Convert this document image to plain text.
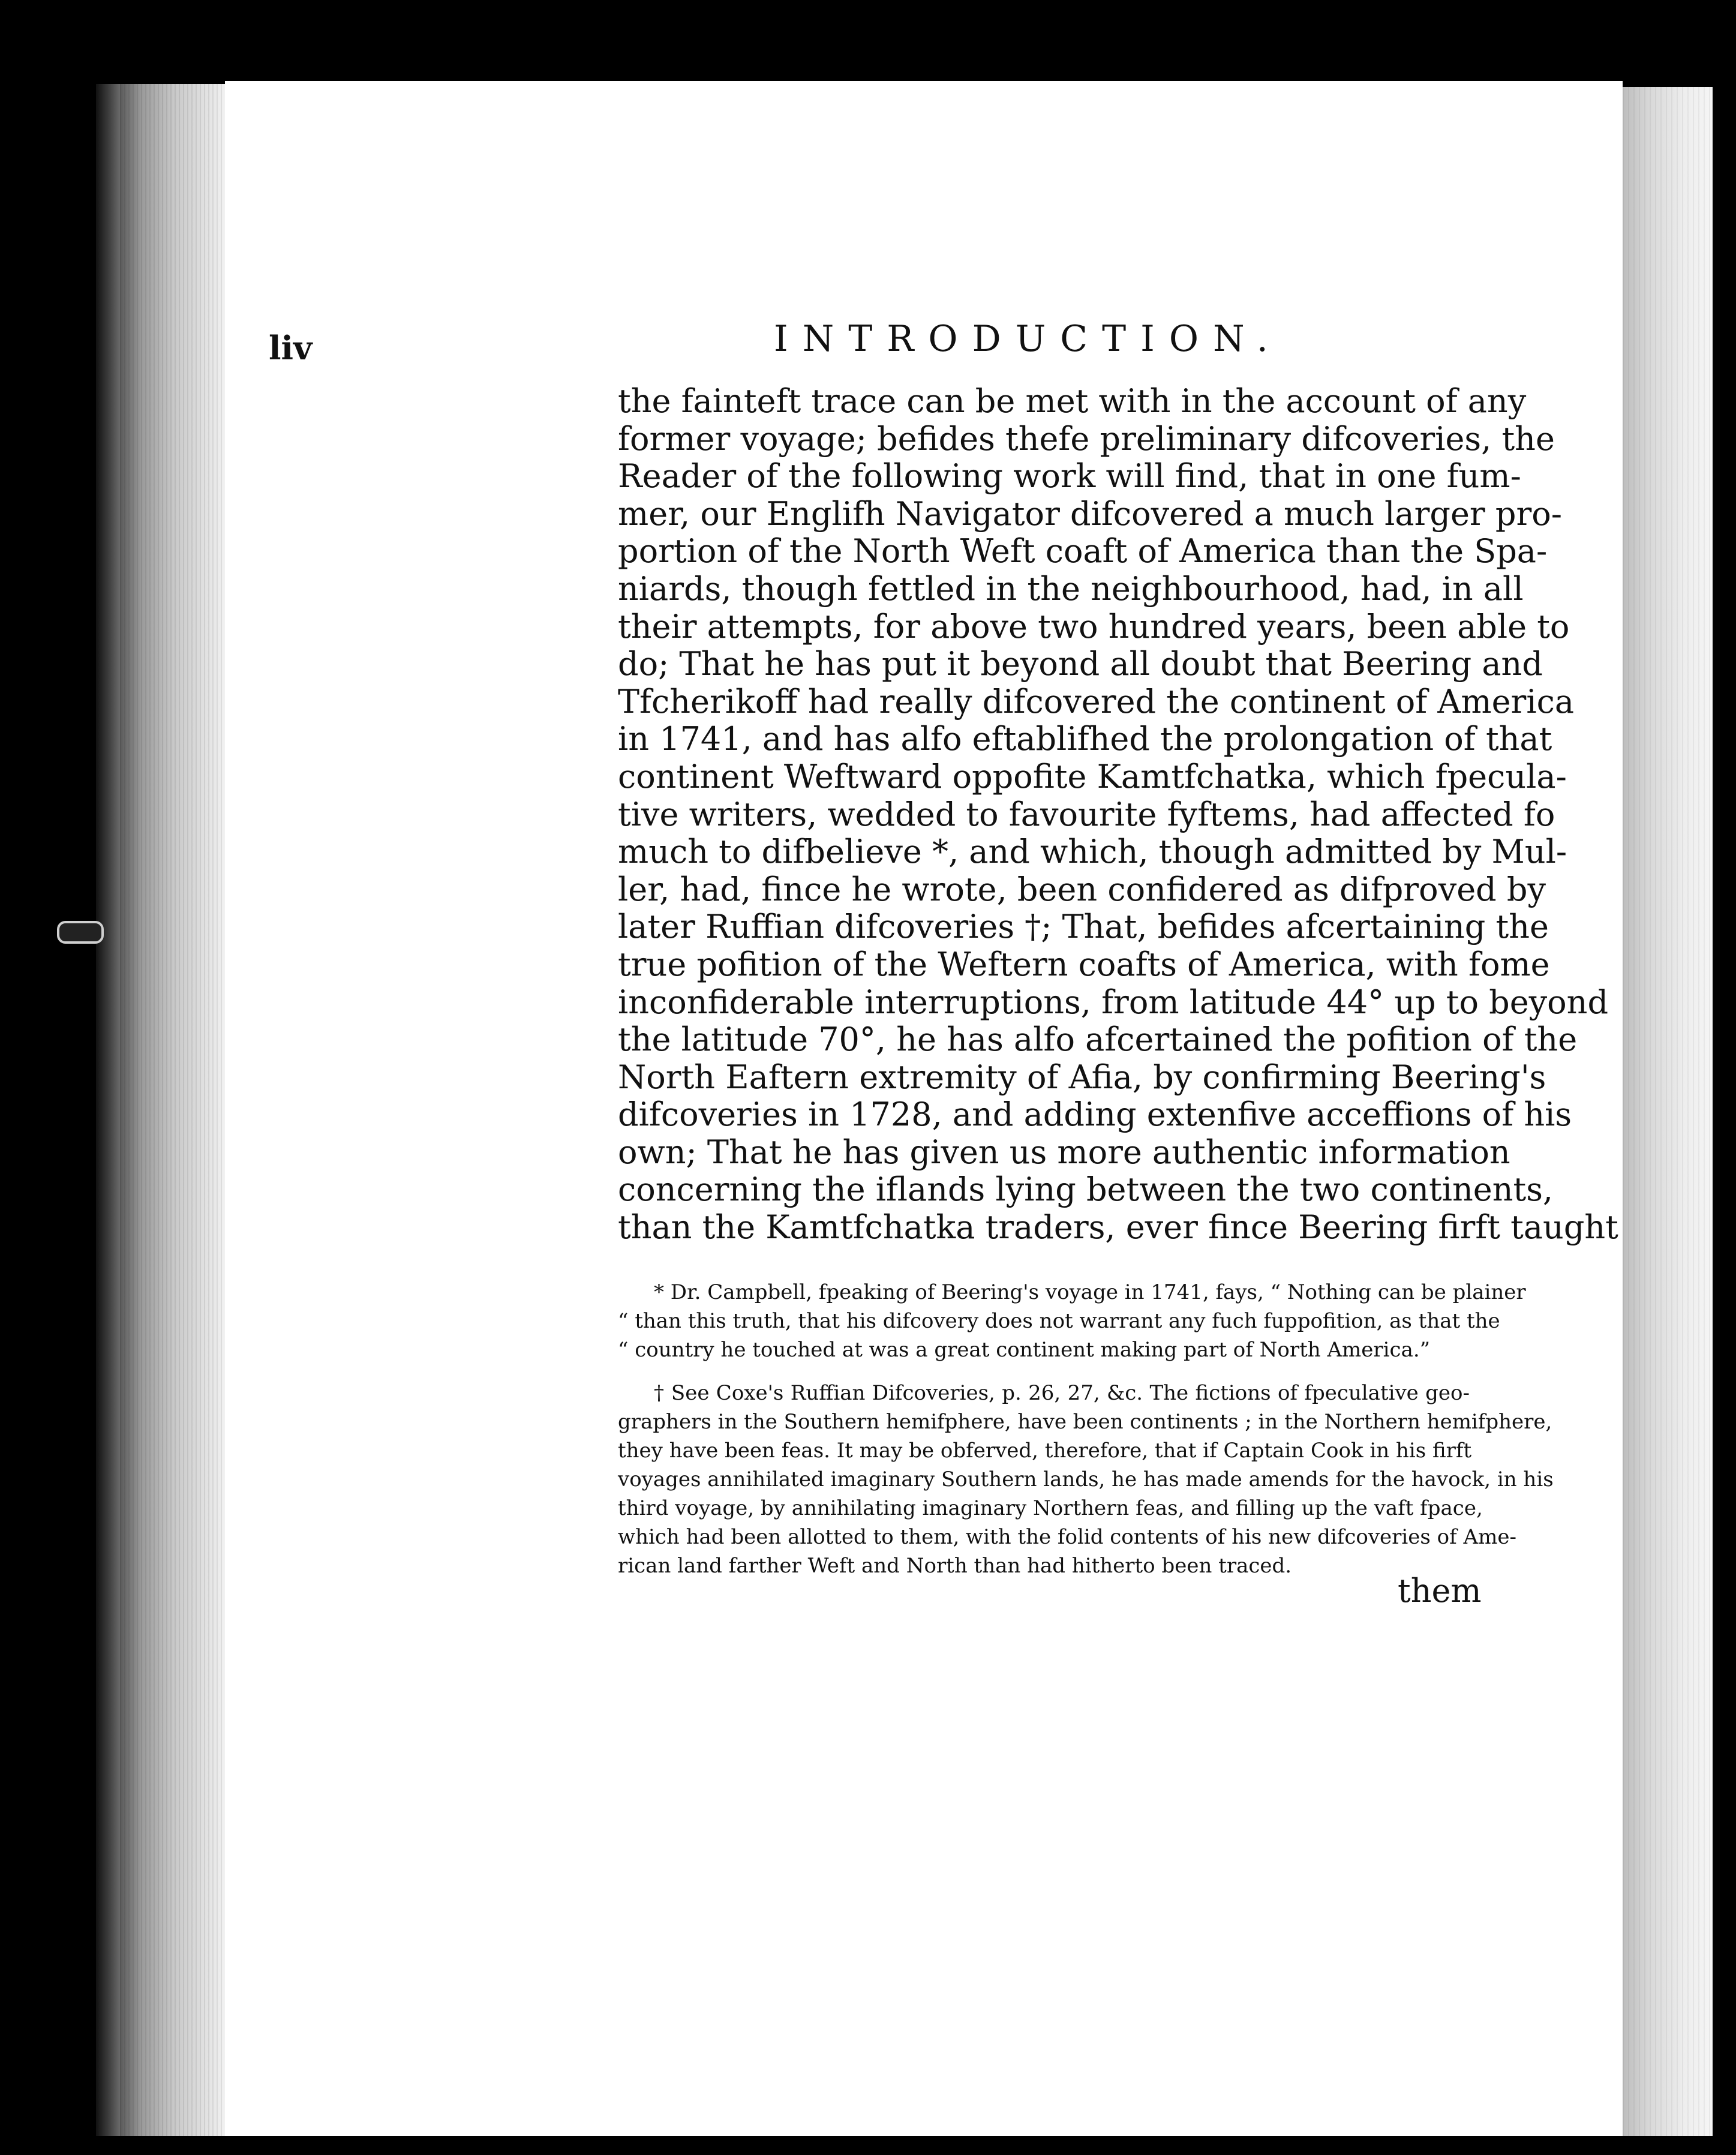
liv	INTRODUCTION.
the fainteft trace can be met with in the account of any
former voyage; befides thefe preliminary difcoveries, the
Reader of the following work will find, that in one fum-
mer, our Englifh Navigator difcovered a much larger pro-
portion of the North Weft coaft of America than the Spa-
niards, though fettled in the neighbourhood, had, in all
their attempts, for above two hundred years, been able to
do; That he has put it beyond all doubt that Beering and
Tfcherikoff had really difcovered the continent of America
in 1741, and has alfo eftablifhed the prolongation of that
continent Weftward oppofite Kamtfchatka, which fpecula-
tive writers, wedded to favourite fyftems, had affected fo
much to difbelieve *, and which, though admitted by Mul-
ler, had, fince he wrote, been confidered as difproved by
later Ruffian difcoveries †; That, befides afcertaining the
true pofition of the Weftern coafts of America, with fome
inconfiderable interruptions, from latitude 44° up to beyond
the latitude 70°, he has alfo afcertained the pofition of the
North Eaftern extremity of Afia, by confirming Beering's
difcoveries in 1728, and adding extenfive acceffions of his
own; That he has given us more authentic information
concerning the iflands lying between the two continents,
than the Kamtfchatka traders, ever fince Beering firft taught
* Dr. Campbell, fpeaking of Beering's voyage in 1741, fays, “ Nothing can be plainer
“ than this truth, that his difcovery does not warrant any fuch fuppofition, as that the
“ country he touched at was a great continent making part of North America.”
† See Coxe's Ruffian Difcoveries, p. 26, 27, &c. The fictions of fpeculative geo-
graphers in the Southern hemifphere, have been continents ; in the Northern hemifphere,
they have been feas. It may be obferved, therefore, that if Captain Cook in his firft
voyages annihilated imaginary Southern lands, he has made amends for the havock, in his
third voyage, by annihilating imaginary Northern feas, and filling up the vaft fpace,
which had been allotted to them, with the folid contents of his new difcoveries of Ame-
rican land farther Weft and North than had hitherto been traced.
them
